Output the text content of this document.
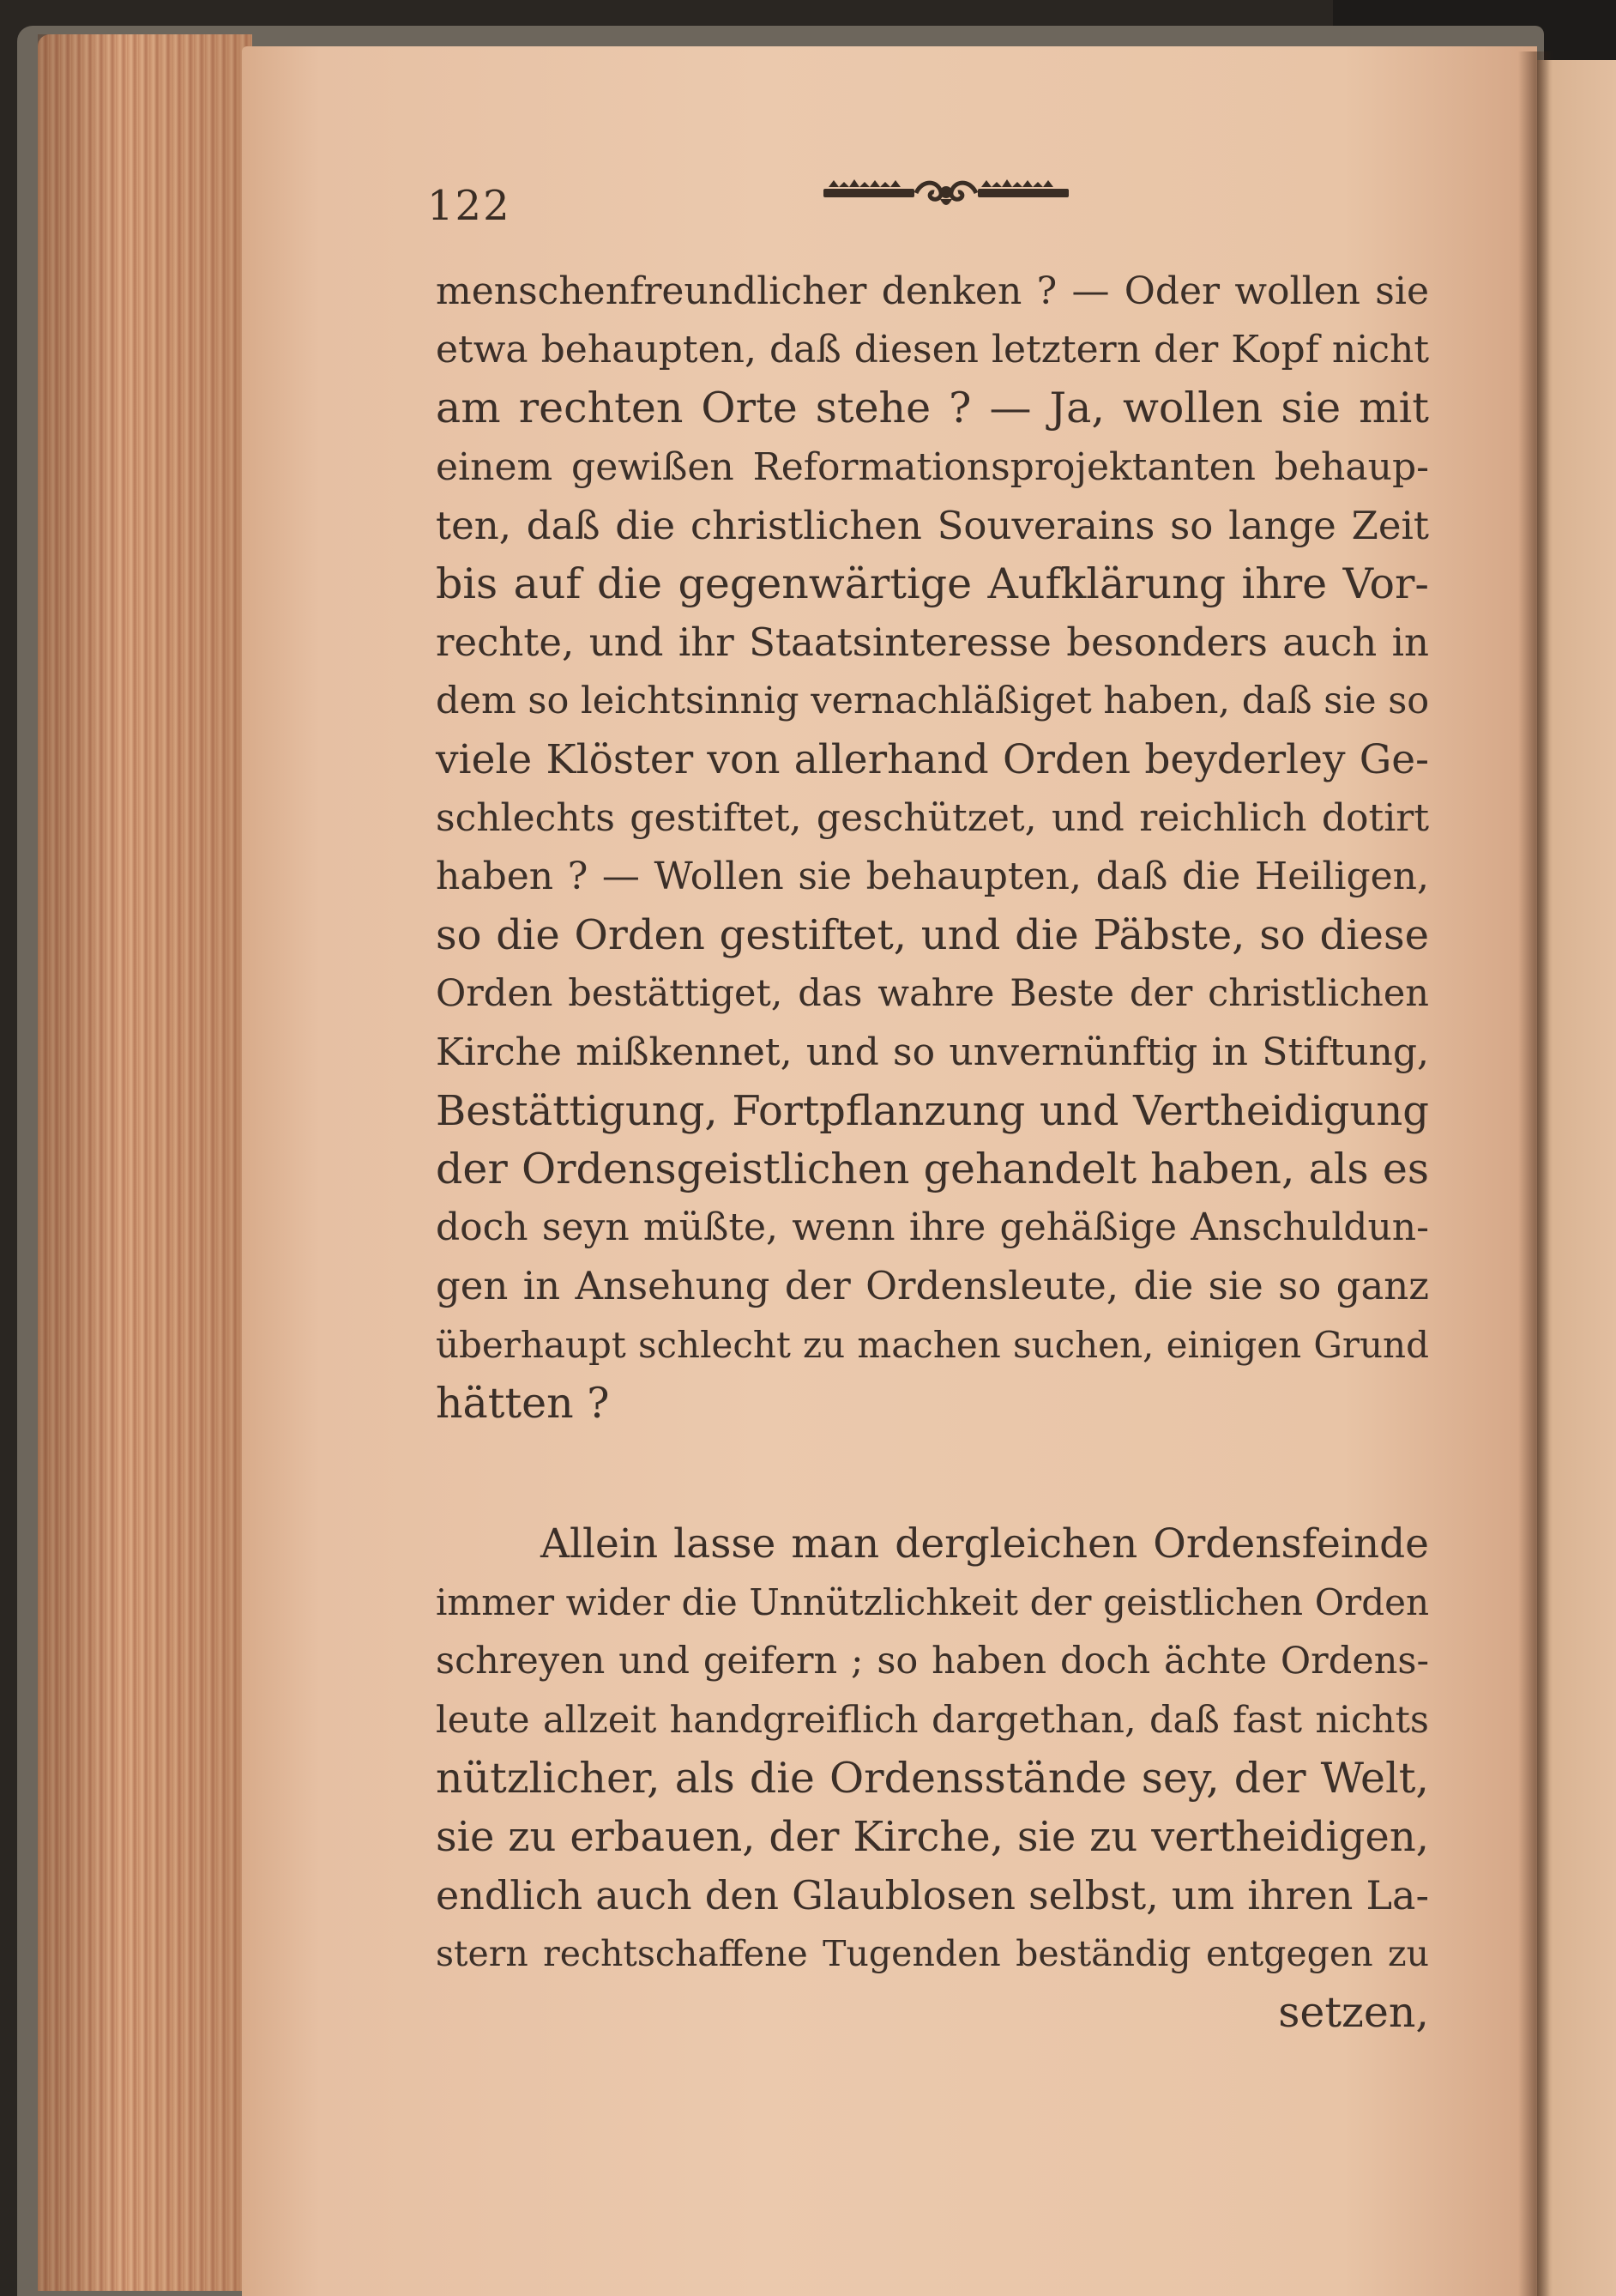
122
menschenfreundlicher denken ? — Oder wollen sie
etwa behaupten, daß diesen letztern der Kopf nicht
am rechten Orte stehe ? — Ja, wollen sie mit
einem gewißen Reformationsprojektanten behaup-
ten, daß die christlichen Souverains so lange Zeit
bis auf die gegenwärtige Aufklärung ihre Vor-
rechte, und ihr Staatsinteresse besonders auch in
dem so leichtsinnig vernachläßiget haben, daß sie so
viele Klöster von allerhand Orden beyderley Ge-
schlechts gestiftet, geschützet, und reichlich dotirt
haben ? — Wollen sie behaupten, daß die Heiligen,
so die Orden gestiftet, und die Päbste, so diese
Orden bestättiget, das wahre Beste der christlichen
Kirche mißkennet, und so unvernünftig in Stiftung,
Bestättigung, Fortpflanzung und Vertheidigung
der Ordensgeistlichen gehandelt haben, als es
doch seyn müßte, wenn ihre gehäßige Anschuldun-
gen in Ansehung der Ordensleute, die sie so ganz
überhaupt schlecht zu machen suchen, einigen Grund
hätten ?
Allein lasse man dergleichen Ordensfeinde
immer wider die Unnützlichkeit der geistlichen Orden
schreyen und geifern ; so haben doch ächte Ordens-
leute allzeit handgreiflich dargethan, daß fast nichts
nützlicher, als die Ordensstände sey, der Welt,
sie zu erbauen, der Kirche, sie zu vertheidigen,
endlich auch den Glaublosen selbst, um ihren La-
stern rechtschaffene Tugenden beständig entgegen zu
setzen,
